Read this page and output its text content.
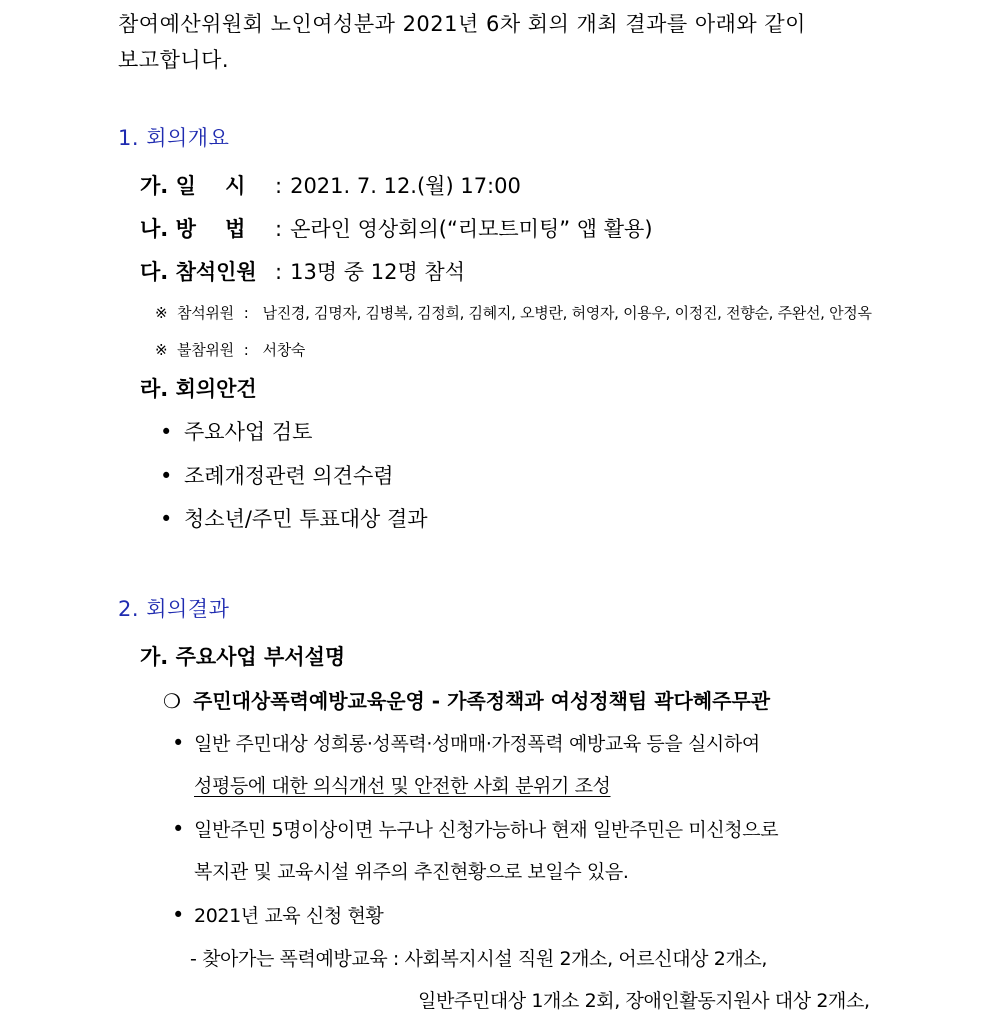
참여예산위원회 노인여성분과 2021년 6차 회의 개최 결과를 아래와 같이
보고합니다.
1. 회의개요
가. 일    시 : 2021. 7. 12.(월) 17:00
나. 방    법 : 온라인 영상회의(“리모트미팅” 앱 활용)
다. 참석인원 : 13명 중 12명 참석
※ 참석위원 : 남진경, 김명자, 김병복, 김정희, 김혜지, 오병란, 허영자, 이용우, 이정진, 전향순, 주완선, 안정옥
※ 불참위원 : 서창숙
라. 회의안건
• 주요사업 검토
• 조례개정관련 의견수렴
• 청소년/주민 투표대상 결과
2. 회의결과
가. 주요사업 부서설명
❍ 주민대상폭력예방교육운영 - 가족정책과 여성정책팀 곽다혜주무관
• 일반 주민대상 성희롱·성폭력·성매매·가정폭력 예방교육 등을 실시하여
성평등에 대한 의식개선 및 안전한 사회 분위기 조성
• 일반주민 5명이상이면 누구나 신청가능하나 현재 일반주민은 미신청으로
복지관 및 교육시설 위주의 추진현황으로 보일수 있음.
• 2021년 교육 신청 현황
- 찾아가는 폭력예방교육 : 사회복지시설 직원 2개소, 어르신대상 2개소,
일반주민대상 1개소 2회, 장애인활동지원사 대상 2개소,
